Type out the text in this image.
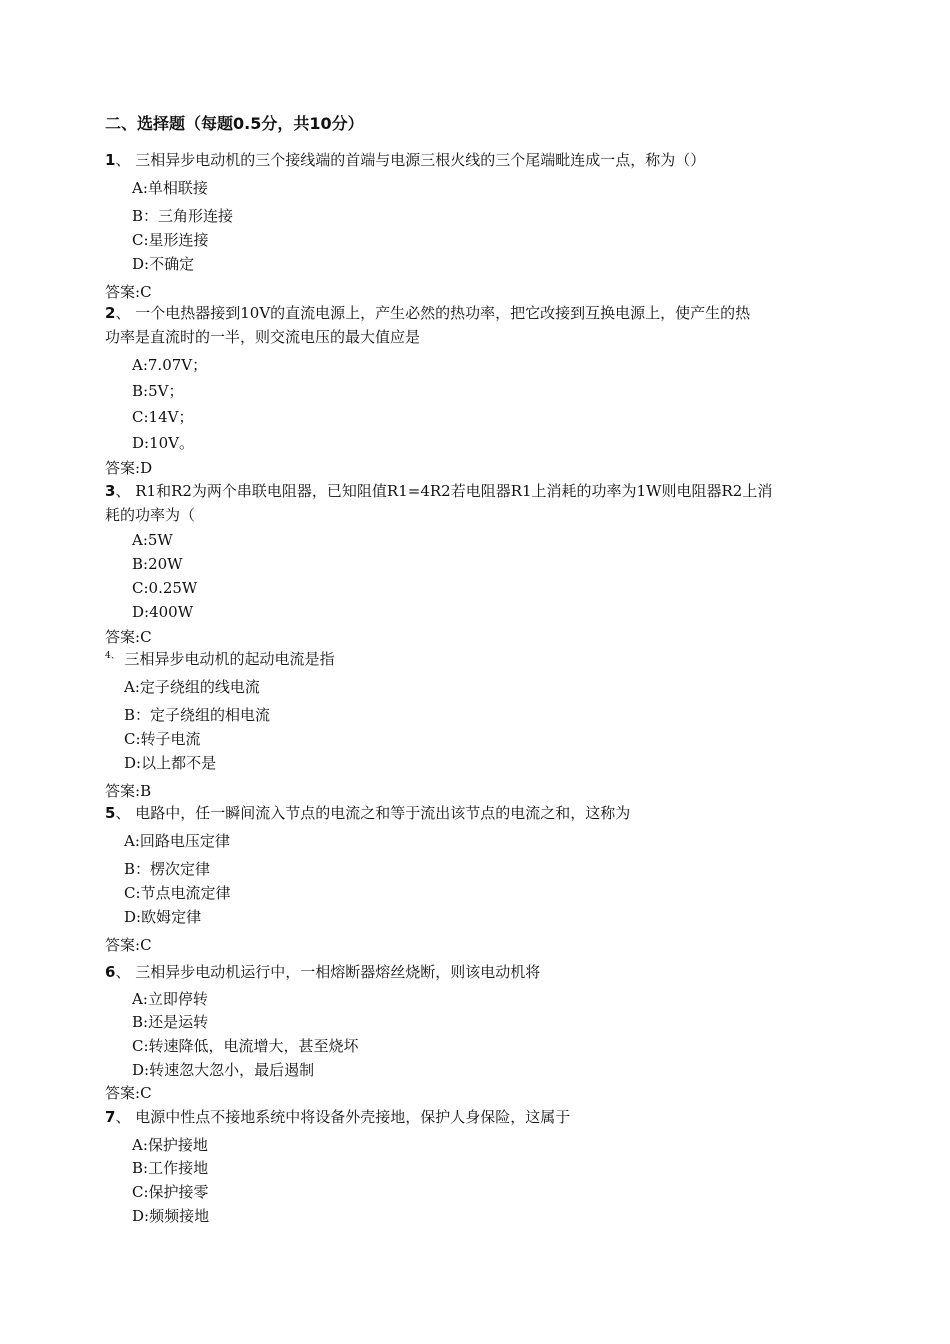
二、选择题（每题0.5分，共10分）
1、 三相异步电动机的三个接线端的首端与电源三根火线的三个尾端毗连成一点，称为（）
A:单相联接
B：三角形连接
C:星形连接
D:不确定
答案:C
2、 一个电热器接到10V的直流电源上，产生必然的热功率，把它改接到互换电源上，使产生的热
功率是直流时的一半，则交流电压的最大值应是
A:7.07V；
B:5V；
C:14V；
D:10V。
答案:D
3、 R1和R2为两个串联电阻器，已知阻值R1=4R2若电阻器R1上消耗的功率为1W则电阻器R2上消
耗的功率为（
A:5W
B:20W
C:0.25W
D:400W
答案:C
$^{4、}$ 三相异步电动机的起动电流是指
A:定子绕组的线电流
B：定子绕组的相电流
C:转子电流
D:以上都不是
答案:B
5、 电路中，任一瞬间流入节点的电流之和等于流出该节点的电流之和，这称为
A:回路电压定律
B：楞次定律
C:节点电流定律
D:欧姆定律
答案:C
6、 三相异步电动机运行中，一相熔断器熔丝烧断，则该电动机将
A:立即停转
B:还是运转
C:转速降低，电流增大，甚至烧坏
D:转速忽大忽小，最后遏制
答案:C
7、 电源中性点不接地系统中将设备外壳接地，保护人身保险，这属于
A:保护接地
B:工作接地
C:保护接零
D:频频接地
